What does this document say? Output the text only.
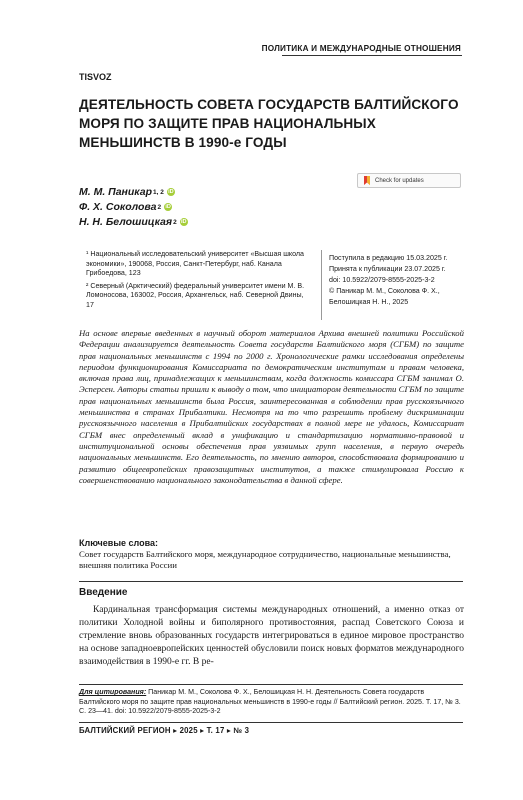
ПОЛИТИКА И МЕЖДУНАРОДНЫЕ ОТНОШЕНИЯ
TISVOZ
ДЕЯТЕЛЬНОСТЬ СОВЕТА ГОСУДАРСТВ БАЛТИЙСКОГО МОРЯ ПО ЗАЩИТЕ ПРАВ НАЦИОНАЛЬНЫХ МЕНЬШИНСТВ В 1990-е ГОДЫ
М. М. Паникар 1, 2 iD
Ф. Х. Соколова 2 iD
Н. Н. Белошицкая 2 iD
Check for updates

¹ Национальный исследовательский университет «Высшая школа экономики», 190068, Россия, Санкт-Петербург, наб. Канала Грибоедова, 123

² Северный (Арктический) федеральный университет имени М. В. Ломоносова, 163002, Россия, Архангельск, наб. Северной Двины, 17

Поступила в редакцию 15.03.2025 г.
Принята к публикации 23.07.2025 г.
doi: 10.5922/2079-8555-2025-3-2
© Паникар М. М., Соколова Ф. Х., Белошицкая Н. Н., 2025
На основе впервые введенных в научный оборот материалов Архива внешней политики Российской Федерации анализируется деятельность Совета государств Балтийского моря (СГБМ) по защите прав национальных меньшинств с 1994 по 2000 г. Хронологические рамки исследования определены периодом функционирования Комиссариата по демократическим институтам и правам человека, включая права лиц, принадлежащих к меньшинствам, когда должность комиссара СГБМ занимал О. Эсперсен. Авторы статьи пришли к выводу о том, что инициатором деятельности СГБМ по защите прав национальных меньшинств была Россия, заинтересованная в соблюдении прав русскоязычного меньшинства в странах Прибалтики. Несмотря на то что разрешить проблему дискриминации русскоязычного населения в Прибалтийских государствах в полной мере не удалось, Комиссариат СГБМ внес определенный вклад в унификацию и стандартизацию нормативно-правовой и институциональной основы обеспечения прав уязвимых групп населения, в первую очередь национальных меньшинств. Его деятельность, по мнению авторов, способствовала формированию и развитию общеевропейских правозащитных институтов, а также стимулировала Россию к совершенствованию национального законодательства в данной сфере.
Ключевые слова:
Совет государств Балтийского моря, международное сотрудничество, национальные меньшинства, внешняя политика России
Введение
Кардинальная трансформация системы международных отношений, а именно отказ от политики Холодной войны и биполярного противостояния, распад Советского Союза и стремление вновь образованных государств интегрироваться в единое мировое пространство на основе западноевропейских ценностей обусловили поиск новых форматов международного взаимодействия в 1990-е гг. В ре-
Для цитирования: Паникар М. М., Соколова Ф. Х., Белошицкая Н. Н. Деятельность Совета государств Балтийского моря по защите прав национальных меньшинств в 1990-е годы // Балтийский регион. 2025. Т. 17, № 3. С. 23—41. doi: 10.5922/2079-8555-2025-3-2
БАЛТИЙСКИЙ РЕГИОН ▸ 2025 ▸ Т. 17 ▸ № 3
